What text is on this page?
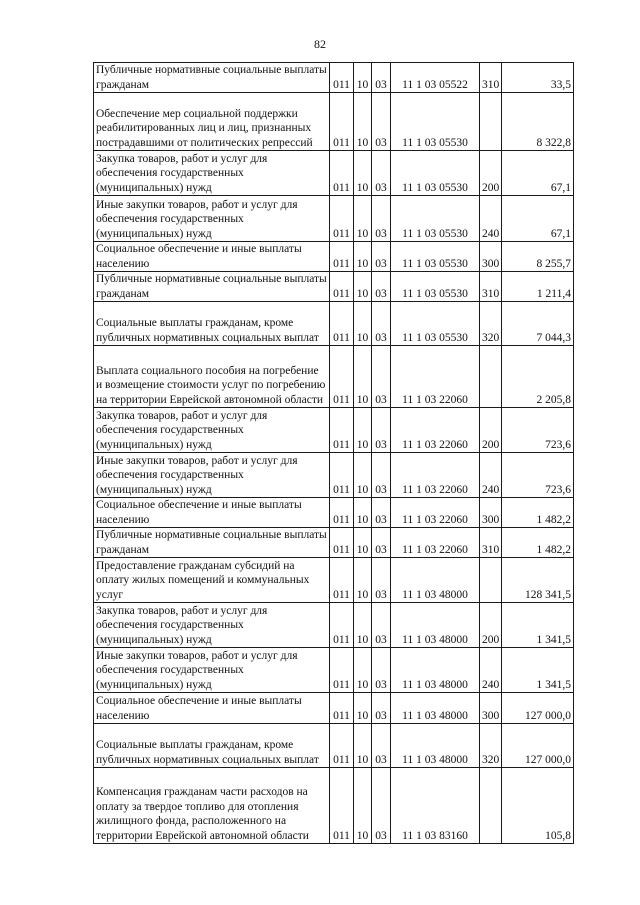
82
Публичные нормативные социальные выплаты гражданам	011	10	03	11 1 03 05522	310	33,5
Обеспечение мер социальной поддержки реабилитированных лиц и лиц, признанных пострадавшими от политических репрессий	011	10	03	11 1 03 05530		8 322,8
Закупка товаров, работ и услуг для обеспечения государственных (муниципальных) нужд	011	10	03	11 1 03 05530	200	67,1
Иные закупки товаров, работ и услуг для обеспечения государственных (муниципальных) нужд	011	10	03	11 1 03 05530	240	67,1
Социальное обеспечение и иные выплаты населению	011	10	03	11 1 03 05530	300	8 255,7
Публичные нормативные социальные выплаты гражданам	011	10	03	11 1 03 05530	310	1 211,4
Социальные выплаты гражданам, кроме публичных нормативных социальных выплат	011	10	03	11 1 03 05530	320	7 044,3
Выплата социального пособия на погребение и возмещение стоимости услуг по погребению на территории Еврейской автономной области	011	10	03	11 1 03 22060		2 205,8
Закупка товаров, работ и услуг для обеспечения государственных (муниципальных) нужд	011	10	03	11 1 03 22060	200	723,6
Иные закупки товаров, работ и услуг для обеспечения государственных (муниципальных) нужд	011	10	03	11 1 03 22060	240	723,6
Социальное обеспечение и иные выплаты населению	011	10	03	11 1 03 22060	300	1 482,2
Публичные нормативные социальные выплаты гражданам	011	10	03	11 1 03 22060	310	1 482,2
Предоставление гражданам субсидий на оплату жилых помещений и коммунальных услуг	011	10	03	11 1 03 48000		128 341,5
Закупка товаров, работ и услуг для обеспечения государственных (муниципальных) нужд	011	10	03	11 1 03 48000	200	1 341,5
Иные закупки товаров, работ и услуг для обеспечения государственных (муниципальных) нужд	011	10	03	11 1 03 48000	240	1 341,5
Социальное обеспечение и иные выплаты населению	011	10	03	11 1 03 48000	300	127 000,0
Социальные выплаты гражданам, кроме публичных нормативных социальных выплат	011	10	03	11 1 03 48000	320	127 000,0
Компенсация гражданам части расходов на оплату за твердое топливо для отопления жилищного фонда, расположенного на территории Еврейской автономной области	011	10	03	11 1 03 83160		105,8
